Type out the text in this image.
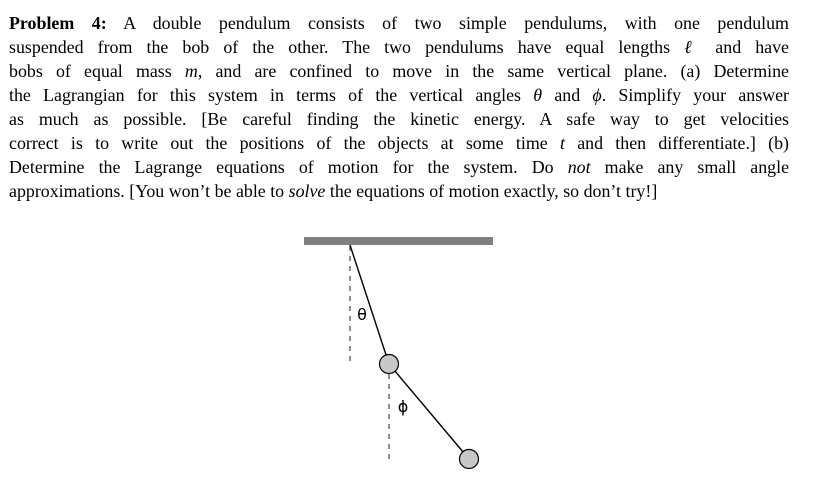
Problem 4: A double pendulum consists of two simple pendulums, with one pendulum
suspended from the bob of the other. The two pendulums have equal lengths ℓ and have
bobs of equal mass m, and are confined to move in the same vertical plane. (a) Determine
the Lagrangian for this system in terms of the vertical angles θ and ϕ. Simplify your answer
as much as possible. [Be careful finding the kinetic energy. A safe way to get velocities
correct is to write out the positions of the objects at some time t and then differentiate.] (b)
Determine the Lagrange equations of motion for the system. Do not make any small angle
approximations. [You won’t be able to solve the equations of motion exactly, so don’t try!]
θ
ϕ
